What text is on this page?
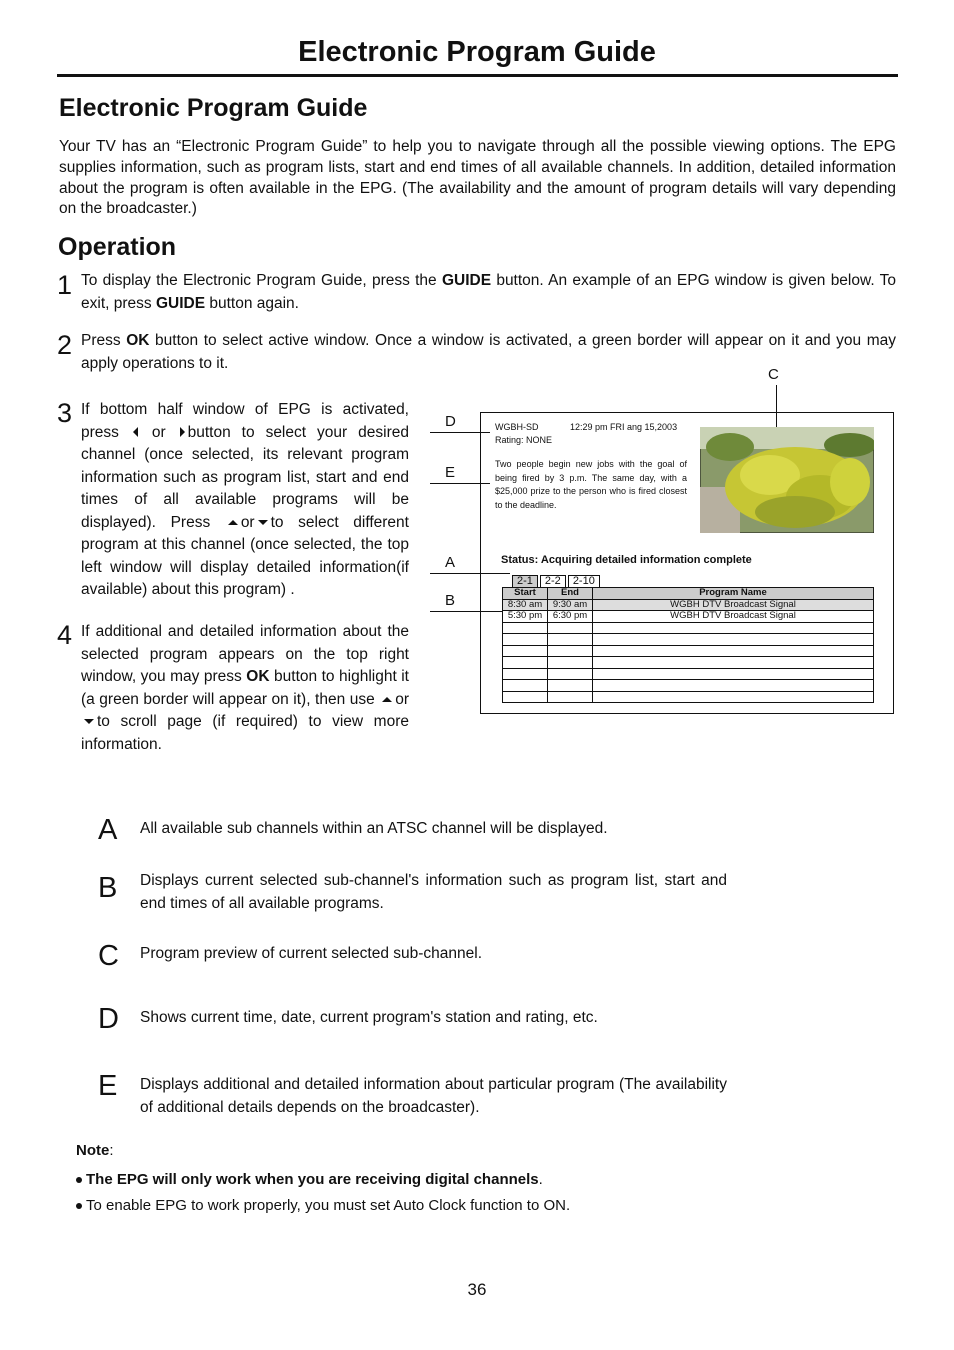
Electronic Program Guide
Electronic Program Guide
Your TV has an “Electronic Program Guide” to help you to navigate through all the possible viewing options. The EPG supplies information, such as program lists, start and end times of all available channels. In addition, detailed information about the program is often available in the EPG. (The availability and the amount of program details will vary depending on the broadcaster.)
Operation
1 To display the Electronic Program Guide, press the GUIDE button. An example of an EPG window is given below. To exit, press GUIDE button again.
2 Press OK button to select active window. Once a window is activated, a green border will appear on it and you may apply operations to it.
3 If bottom half window of EPG is activated, press  or button to select your desired channel (once selected, its relevant program information such as program list, start and end times of all available programs will be displayed). Press or to select different program at this channel (once selected, the top left window will display detailed information(if available) about this program) .
4 If additional and detailed information about the selected program appears on the top right window, you may press OK button to highlight it (a green border will appear on it), then use orto scroll page (if required) to view more information.
C
D
E
A
B
WGBH-SD	12:29 pm FRI ang 15,2003
Rating: NONE
Two people begin new jobs with the goal of being fired by 3 p.m. The same day, with a $25,000 prize to the person who is fired closest to the deadline.
Status: Acquiring detailed information complete
2-1 2-2 2-10
Start	End	Program Name
8:30 am	9:30 am	WGBH DTV Broadcast Signal
5:30 pm	6:30 pm	WGBH DTV Broadcast Signal

A All available sub channels within an ATSC channel will be displayed.
B Displays current selected sub-channel's information such as program list, start and end times of all available programs.
C Program preview of current selected sub-channel.
D Shows current time, date, current program's station and rating, etc.
E Displays additional and detailed information about particular program (The availability of additional details depends on the broadcaster).
Note:
The EPG will only work when you are receiving digital channels.
To enable EPG to work properly, you must set Auto Clock function to ON.
36
